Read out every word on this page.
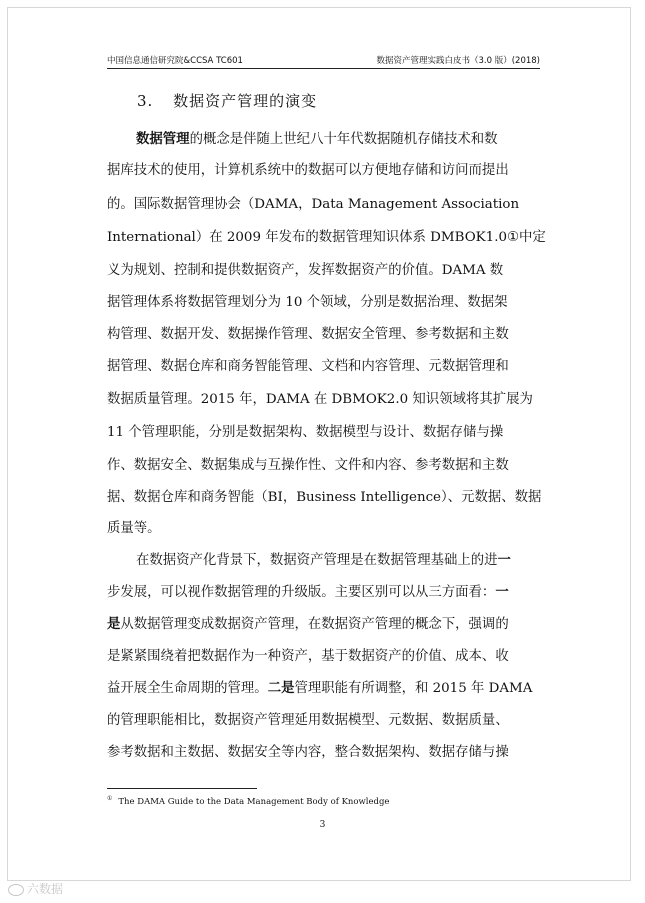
中国信息通信研究院&CCSA TC601	数据资产管理实践白皮书（3.0 版）(2018)
3. 数据资产管理的演变
数据管理的概念是伴随上世纪八十年代数据随机存储技术和数
据库技术的使用，计算机系统中的数据可以方便地存储和访问而提出
的。国际数据管理协会（DAMA，Data Management Association
International）在 2009 年发布的数据管理知识体系 DMBOK1.0①中定
义为规划、控制和提供数据资产，发挥数据资产的价值。DAMA 数
据管理体系将数据管理划分为 10 个领域，分别是数据治理、数据架
构管理、数据开发、数据操作管理、数据安全管理、参考数据和主数
据管理、数据仓库和商务智能管理、文档和内容管理、元数据管理和
数据质量管理。2015 年，DAMA 在 DBMOK2.0 知识领域将其扩展为
11 个管理职能，分别是数据架构、数据模型与设计、数据存储与操
作、数据安全、数据集成与互操作性、文件和内容、参考数据和主数
据、数据仓库和商务智能（BI，Business Intelligence）、元数据、数据
质量等。
在数据资产化背景下，数据资产管理是在数据管理基础上的进一
步发展，可以视作数据管理的升级版。主要区别可以从三方面看：一
是从数据管理变成数据资产管理，在数据资产管理的概念下，强调的
是紧紧围绕着把数据作为一种资产，基于数据资产的价值、成本、收
益开展全生命周期的管理。二是管理职能有所调整，和 2015 年 DAMA
的管理职能相比，数据资产管理延用数据模型、元数据、数据质量、
参考数据和主数据、数据安全等内容，整合数据架构、数据存储与操
① The DAMA Guide to the Data Management Body of Knowledge
3
六数据
